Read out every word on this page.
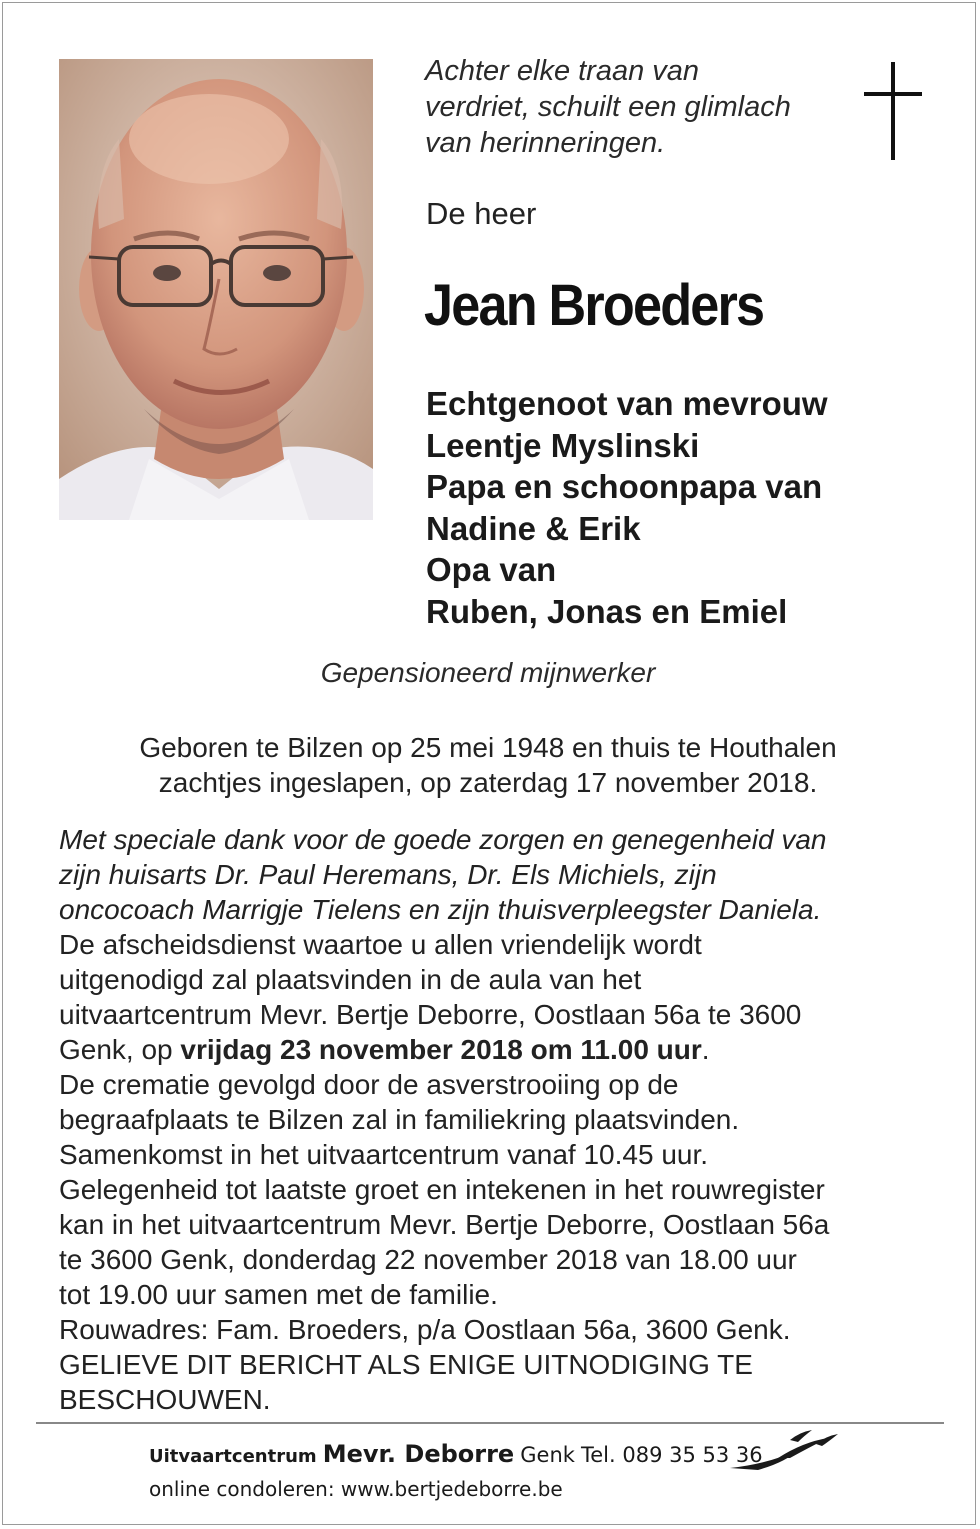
Achter elke traan van
verdriet, schuilt een glimlach
van herinneringen.
De heer
Jean Broeders
Echtgenoot van mevrouw
Leentje Myslinski
Papa en schoonpapa van
Nadine & Erik
Opa van
Ruben, Jonas en Emiel
Gepensioneerd mijnwerker
Geboren te Bilzen op 25 mei 1948 en thuis te Houthalen
zachtjes ingeslapen, op zaterdag 17 november 2018.
Met speciale dank voor de goede zorgen en genegenheid van
zijn huisarts Dr. Paul Heremans, Dr. Els Michiels, zijn
oncocoach Marrigje Tielens en zijn thuisverpleegster Daniela.
De afscheidsdienst waartoe u allen vriendelijk wordt
uitgenodigd zal plaatsvinden in de aula van het
uitvaartcentrum Mevr. Bertje Deborre, Oostlaan 56a te 3600
Genk, op vrijdag 23 november 2018 om 11.00 uur.
De crematie gevolgd door de asverstrooiing op de
begraafplaats te Bilzen zal in familiekring plaatsvinden.
Samenkomst in het uitvaartcentrum vanaf 10.45 uur.
Gelegenheid tot laatste groet en intekenen in het rouwregister
kan in het uitvaartcentrum Mevr. Bertje Deborre, Oostlaan 56a
te 3600 Genk, donderdag 22 november 2018 van 18.00 uur
tot 19.00 uur samen met de familie.
Rouwadres: Fam. Broeders, p/a Oostlaan 56a, 3600 Genk.
GELIEVE DIT BERICHT ALS ENIGE UITNODIGING TE
BESCHOUWEN.
Uitvaartcentrum Mevr. Deborre Genk Tel. 089 35 53 36
online condoleren: www.bertjedeborre.be
